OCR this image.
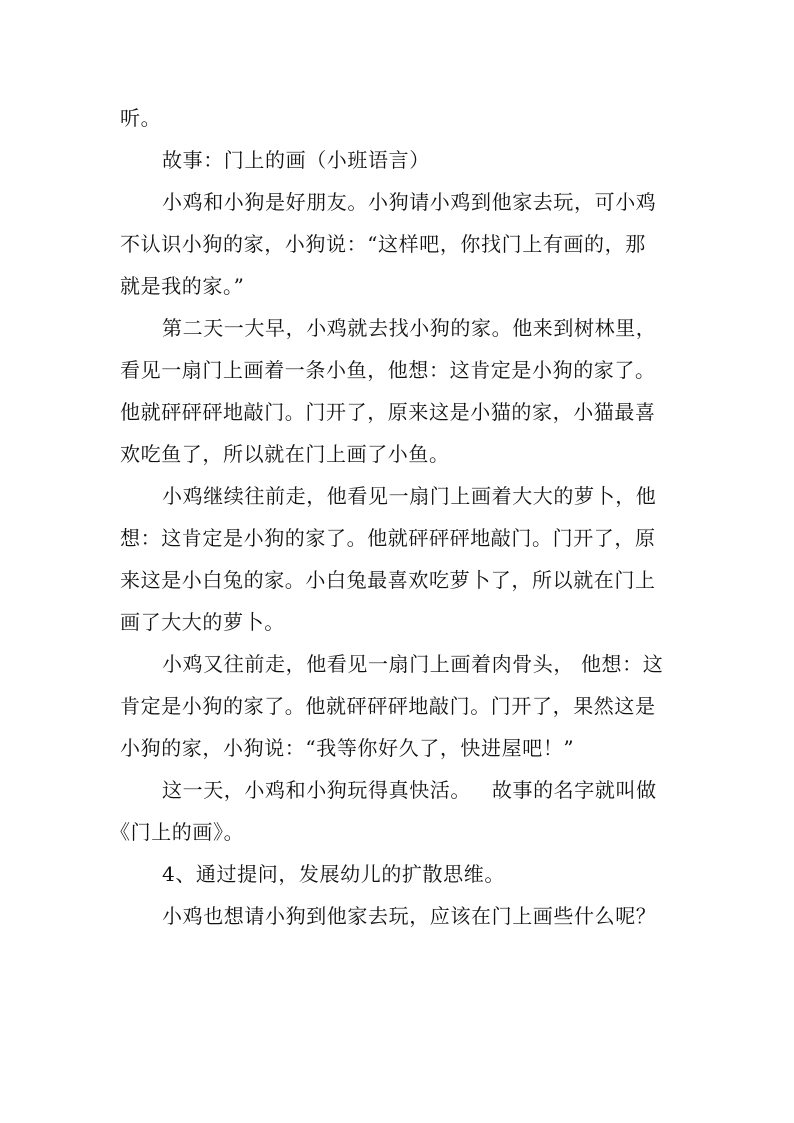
听。
故事：门上的画（小班语言）
小鸡和小狗是好朋友。小狗请小鸡到他家去玩，可小鸡
不认识小狗的家，小狗说：“这样吧，你找门上有画的，那
就是我的家。”
第二天一大早，小鸡就去找小狗的家。他来到树林里，
看见一扇门上画着一条小鱼，他想：这肯定是小狗的家了。
他就砰砰砰地敲门。门开了，原来这是小猫的家，小猫最喜
欢吃鱼了，所以就在门上画了小鱼。
小鸡继续往前走，他看见一扇门上画着大大的萝卜，他
想：这肯定是小狗的家了。他就砰砰砰地敲门。门开了，原
来这是小白兔的家。小白兔最喜欢吃萝卜了，所以就在门上
画了大大的萝卜。
小鸡又往前走，他看见一扇门上画着肉骨头， 他想：这
肯定是小狗的家了。他就砰砰砰地敲门。门开了，果然这是
小狗的家，小狗说：“我等你好久了，快进屋吧！”
这一天，小鸡和小狗玩得真快活。   故事的名字就叫做
《门上的画》。
4、通过提问，发展幼儿的扩散思维。
小鸡也想请小狗到他家去玩，应该在门上画些什么呢？
